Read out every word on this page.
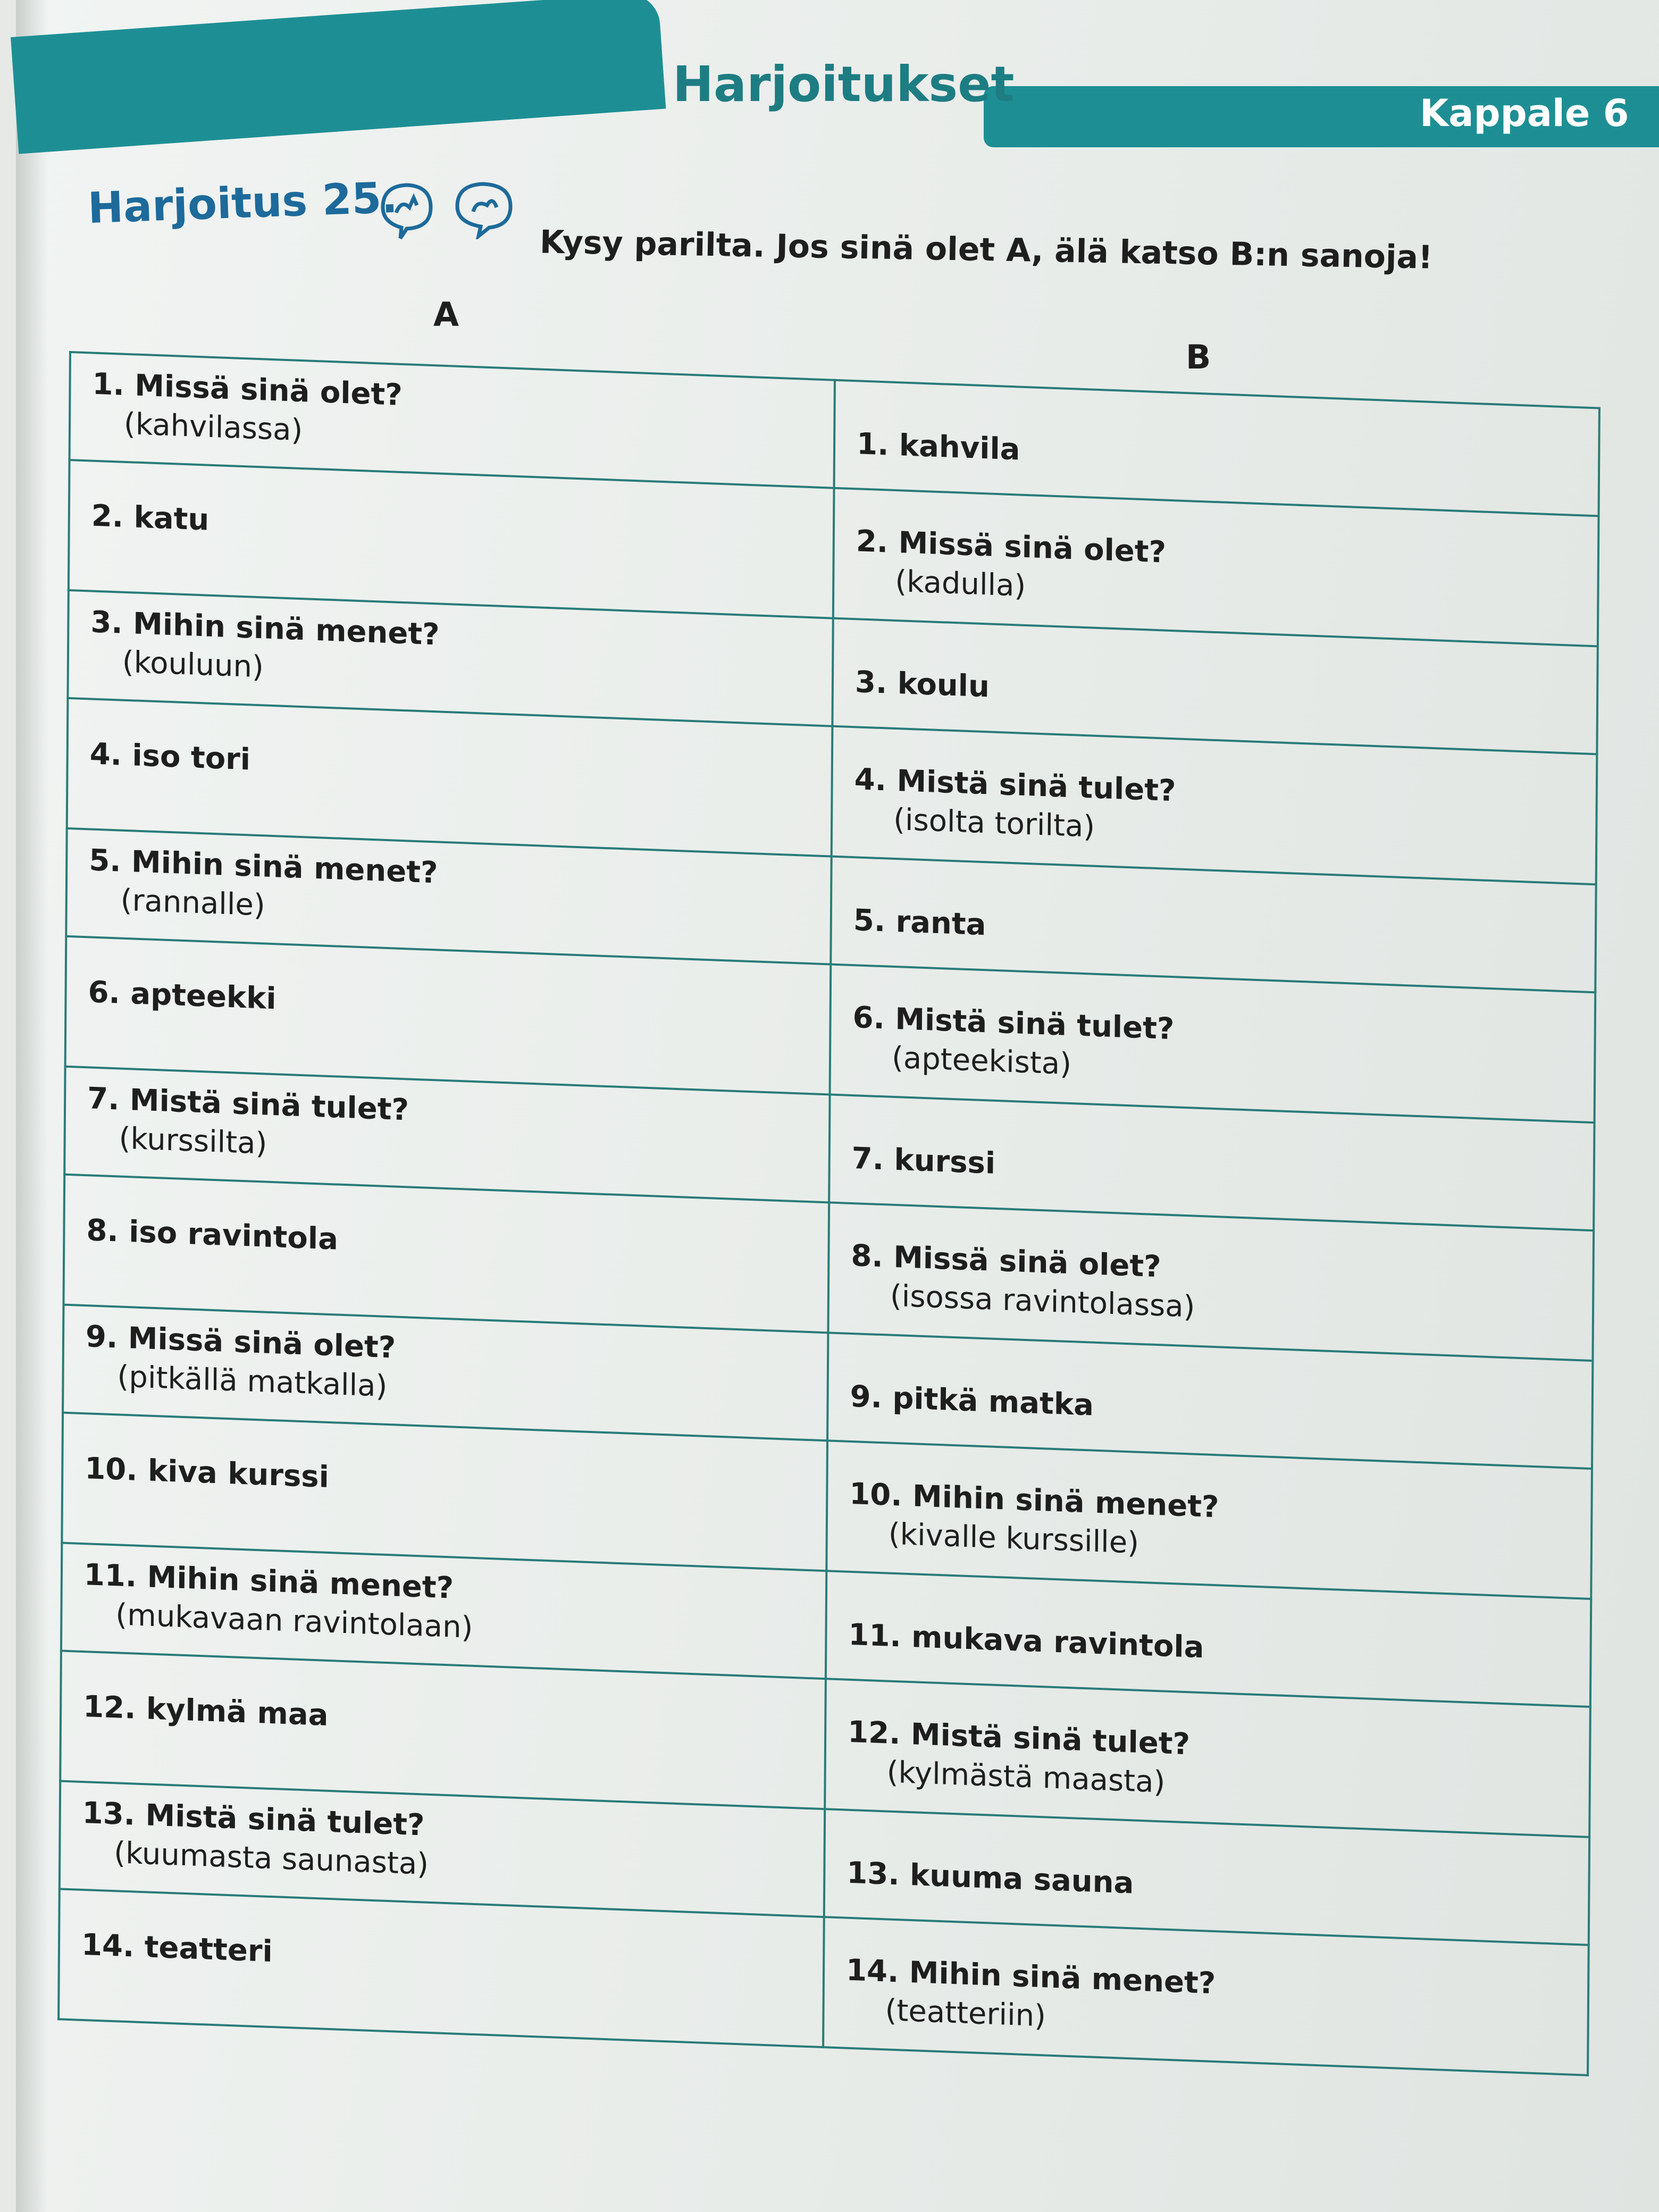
Harjoitukset
Kappale 6
Harjoitus 25.
Kysy parilta. Jos sinä olet A, älä katso B:n sanoja!
A
B
1. Missä sinä olet?
(kahvilassa)	1. kahvila

2. katu	2. Missä sinä olet?
(kadulla)

3. Mihin sinä menet?
(kouluun)	3. koulu

4. iso tori	4. Mistä sinä tulet?
(isolta torilta)

5. Mihin sinä menet?
(rannalle)	5. ranta

6. apteekki	6. Mistä sinä tulet?
(apteekista)

7. Mistä sinä tulet?
(kurssilta)	7. kurssi

8. iso ravintola	8. Missä sinä olet?
(isossa ravintolassa)

9. Missä sinä olet?
(pitkällä matkalla)	9. pitkä matka

10. kiva kurssi	10. Mihin sinä menet?
(kivalle kurssille)

11. Mihin sinä menet?
(mukavaan ravintolaan)	11. mukava ravintola

12. kylmä maa	12. Mistä sinä tulet?
(kylmästä maasta)

13. Mistä sinä tulet?
(kuumasta saunasta)	13. kuuma sauna

14. teatteri	14. Mihin sinä menet?
(teatteriin)
